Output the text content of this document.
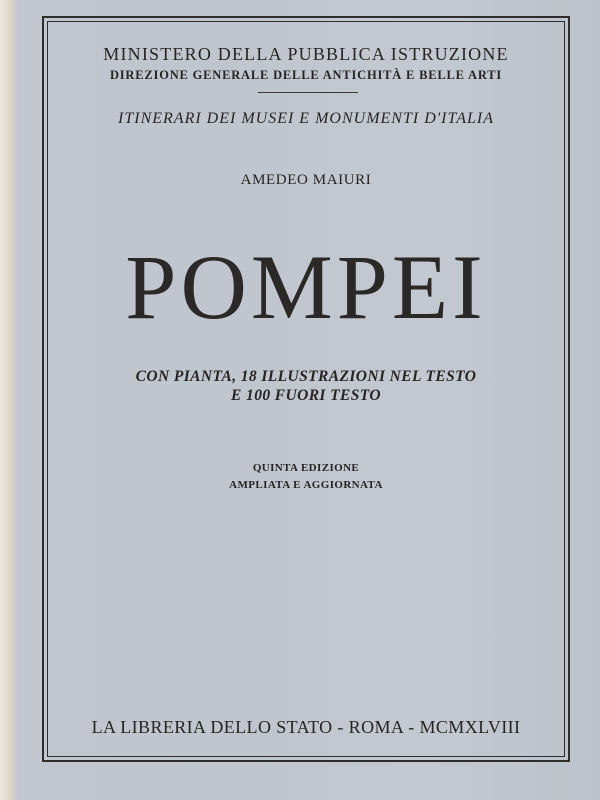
MINISTERO DELLA PUBBLICA ISTRUZIONE
DIREZIONE GENERALE DELLE ANTICHITÀ E BELLE ARTI
ITINERARI DEI MUSEI E MONUMENTI D'ITALIA
AMEDEO MAIURI
POMPEI
CON PIANTA, 18 ILLUSTRAZIONI NEL TESTO
E 100 FUORI TESTO
QUINTA EDIZIONE
AMPLIATA E AGGIORNATA
LA LIBRERIA DELLO STATO - ROMA - MCMXLVIII
